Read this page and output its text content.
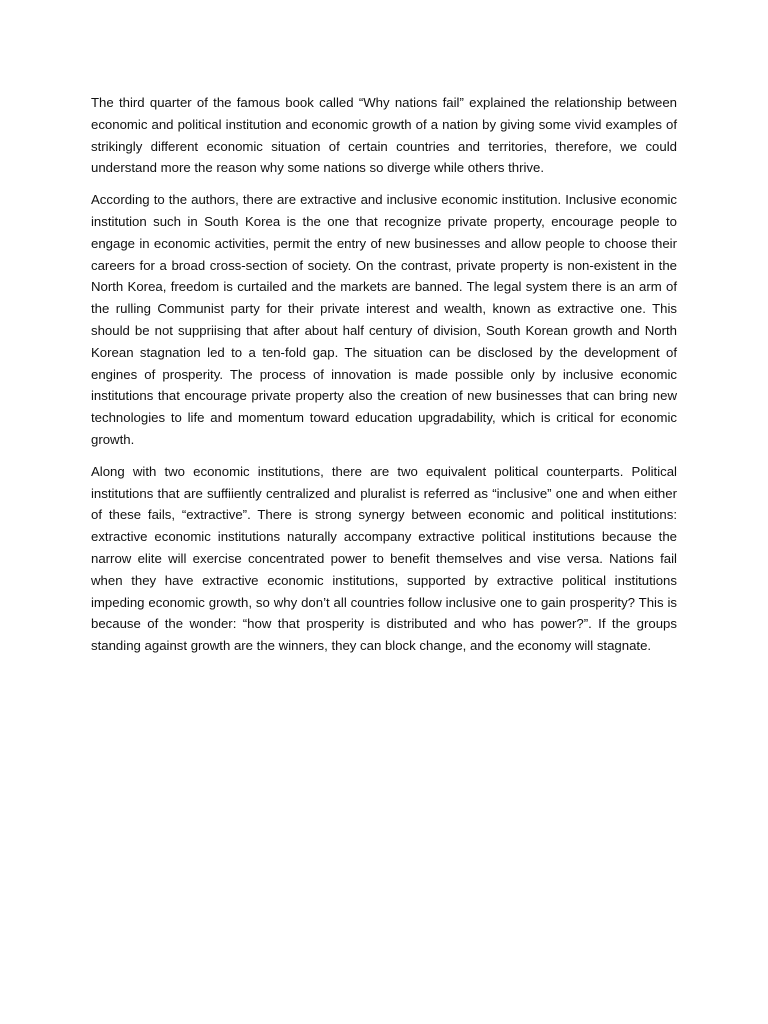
The third quarter of the famous book called “Why nations fail” explained the relationship between economic and political institution and economic growth of a nation by giving some vivid examples of strikingly different economic situation of certain countries and territories, therefore, we could understand more the reason why some nations so diverge while others thrive.

According to the authors, there are extractive and inclusive economic institution. Inclusive economic institution such in South Korea is the one that recognize private property, encourage people to engage in economic activities, permit the entry of new businesses and allow people to choose their careers for a broad cross-section of society. On the contrast, private property is non-existent in the North Korea, freedom is curtailed and the markets are banned. The legal system there is an arm of the rulling Communist party for their private interest and wealth, known as extractive one. This should be not suppriising that after about half century of division, South Korean growth and North Korean stagnation led to a ten-fold gap. The situation can be disclosed by the development of engines of prosperity. The process of innovation is made possible only by inclusive economic institutions that encourage private property also the creation of new businesses that can bring new technologies to life and momentum toward education upgradability, which is critical for economic growth.

Along with two economic institutions, there are two equivalent political counterparts. Political institutions that are suffiiently centralized and pluralist is referred as “inclusive” one and when either of these fails, “extractive”. There is strong synergy between economic and political institutions: extractive economic institutions naturally accompany extractive political institutions because the narrow elite will exercise concentrated power to benefit themselves and vise versa. Nations fail when they have extractive economic institutions, supported by extractive political institutions impeding economic growth, so why don’t all countries follow inclusive one to gain prosperity? This is because of the wonder: “how that prosperity is distributed and who has power?”. If the groups standing against growth are the winners, they can block change, and the economy will stagnate.
